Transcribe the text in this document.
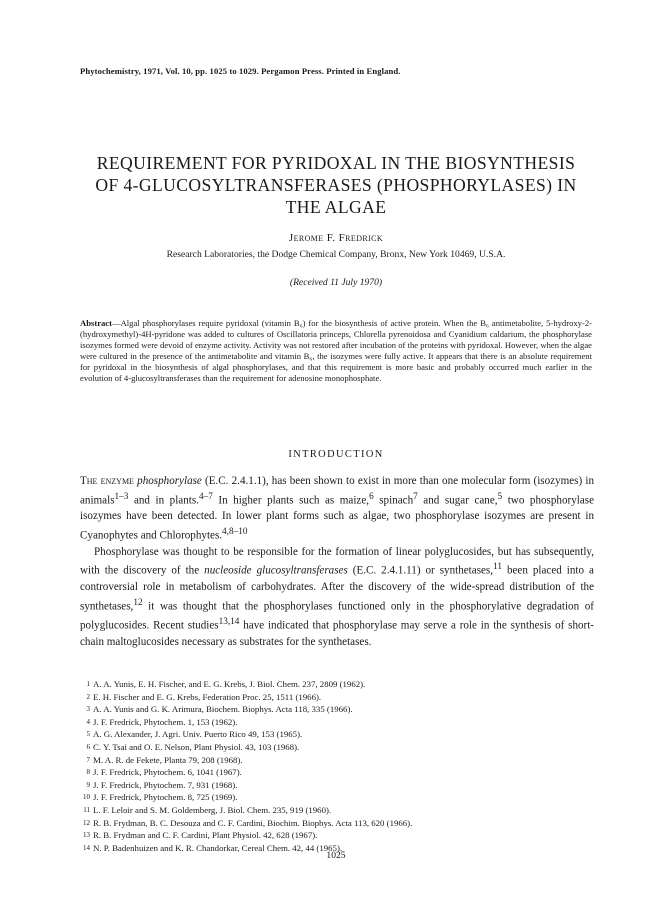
Phytochemistry, 1971, Vol. 10, pp. 1025 to 1029. Pergamon Press. Printed in England.
REQUIREMENT FOR PYRIDOXAL IN THE BIOSYNTHESIS
OF 4-GLUCOSYLTRANSFERASES (PHOSPHORYLASES) IN
THE ALGAE
Jerome F. Fredrick
Research Laboratories, the Dodge Chemical Company, Bronx, New York 10469, U.S.A.
(Received 11 July 1970)
Abstract—Algal phosphorylases require pyridoxal (vitamin B₆) for the biosynthesis of active protein. When the B₆ antimetabolite, 5-hydroxy-2-(hydroxymethyl)-4H-pyridone was added to cultures of Oscillatoria princeps, Chlorella pyrenoidosa and Cyanidium caldarium, the phosphorylase isozymes formed were devoid of enzyme activity. Activity was not restored after incubation of the proteins with pyridoxal. However, when the algae were cultured in the presence of the antimetabolite and vitamin B₆, the isozymes were fully active. It appears that there is an absolute requirement for pyridoxal in the biosynthesis of algal phosphorylases, and that this requirement is more basic and probably occurred much earlier in the evolution of 4-glucosyltransferases than the requirement for adenosine monophosphate.
INTRODUCTION

The enzyme phosphorylase (E.C. 2.4.1.1), has been shown to exist in more than one molecular form (isozymes) in animals$^{1-3}$ and in plants.$^{4-7}$ In higher plants such as maize,$^6$ spinach$^7$ and sugar cane,$^5$ two phosphorylase isozymes have been detected. In lower plant forms such as algae, two phosphorylase isozymes are present in Cyanophytes and Chlorophytes.$^{4,8-10}$

Phosphorylase was thought to be responsible for the formation of linear polyglucosides, but has subsequently, with the discovery of the nucleoside glucosyltransferases (E.C. 2.4.1.11) or synthetases,$^{11}$ been placed into a controversial role in metabolism of carbohydrates. After the discovery of the wide-spread distribution of the synthetases,$^{12}$ it was thought that the phosphorylases functioned only in the phosphorylative degradation of polyglucosides. Recent studies$^{13,14}$ have indicated that phosphorylase may serve a role in the synthesis of short-chain maltoglucosides necessary as substrates for the synthetases.

1 A. A. Yunis, E. H. Fischer, and E. G. Krebs, J. Biol. Chem. 237, 2809 (1962).
2 E. H. Fischer and E. G. Krebs, Federation Proc. 25, 1511 (1966).
3 A. A. Yunis and G. K. Arimura, Biochem. Biophys. Acta 118, 335 (1966).
4 J. F. Fredrick, Phytochem. 1, 153 (1962).
5 A. G. Alexander, J. Agri. Univ. Puerto Rico 49, 153 (1965).
6 C. Y. Tsai and O. E. Nelson, Plant Physiol. 43, 103 (1968).
7 M. A. R. de Fekete, Planta 79, 208 (1968).
8 J. F. Fredrick, Phytochem. 6, 1041 (1967).
9 J. F. Fredrick, Phytochem. 7, 931 (1968).
10 J. F. Fredrick, Phytochem. 8, 725 (1969).
11 L. F. Leloir and S. M. Goldemberg, J. Biol. Chem. 235, 919 (1960).
12 R. B. Frydman, B. C. Desouza and C. F. Cardini, Biochim. Biophys. Acta 113, 620 (1966).
13 R. B. Frydman and C. F. Cardini, Plant Physiol. 42, 628 (1967).
14 N. P. Badenhuizen and K. R. Chandorkar, Cereal Chem. 42, 44 (1965).
1025
